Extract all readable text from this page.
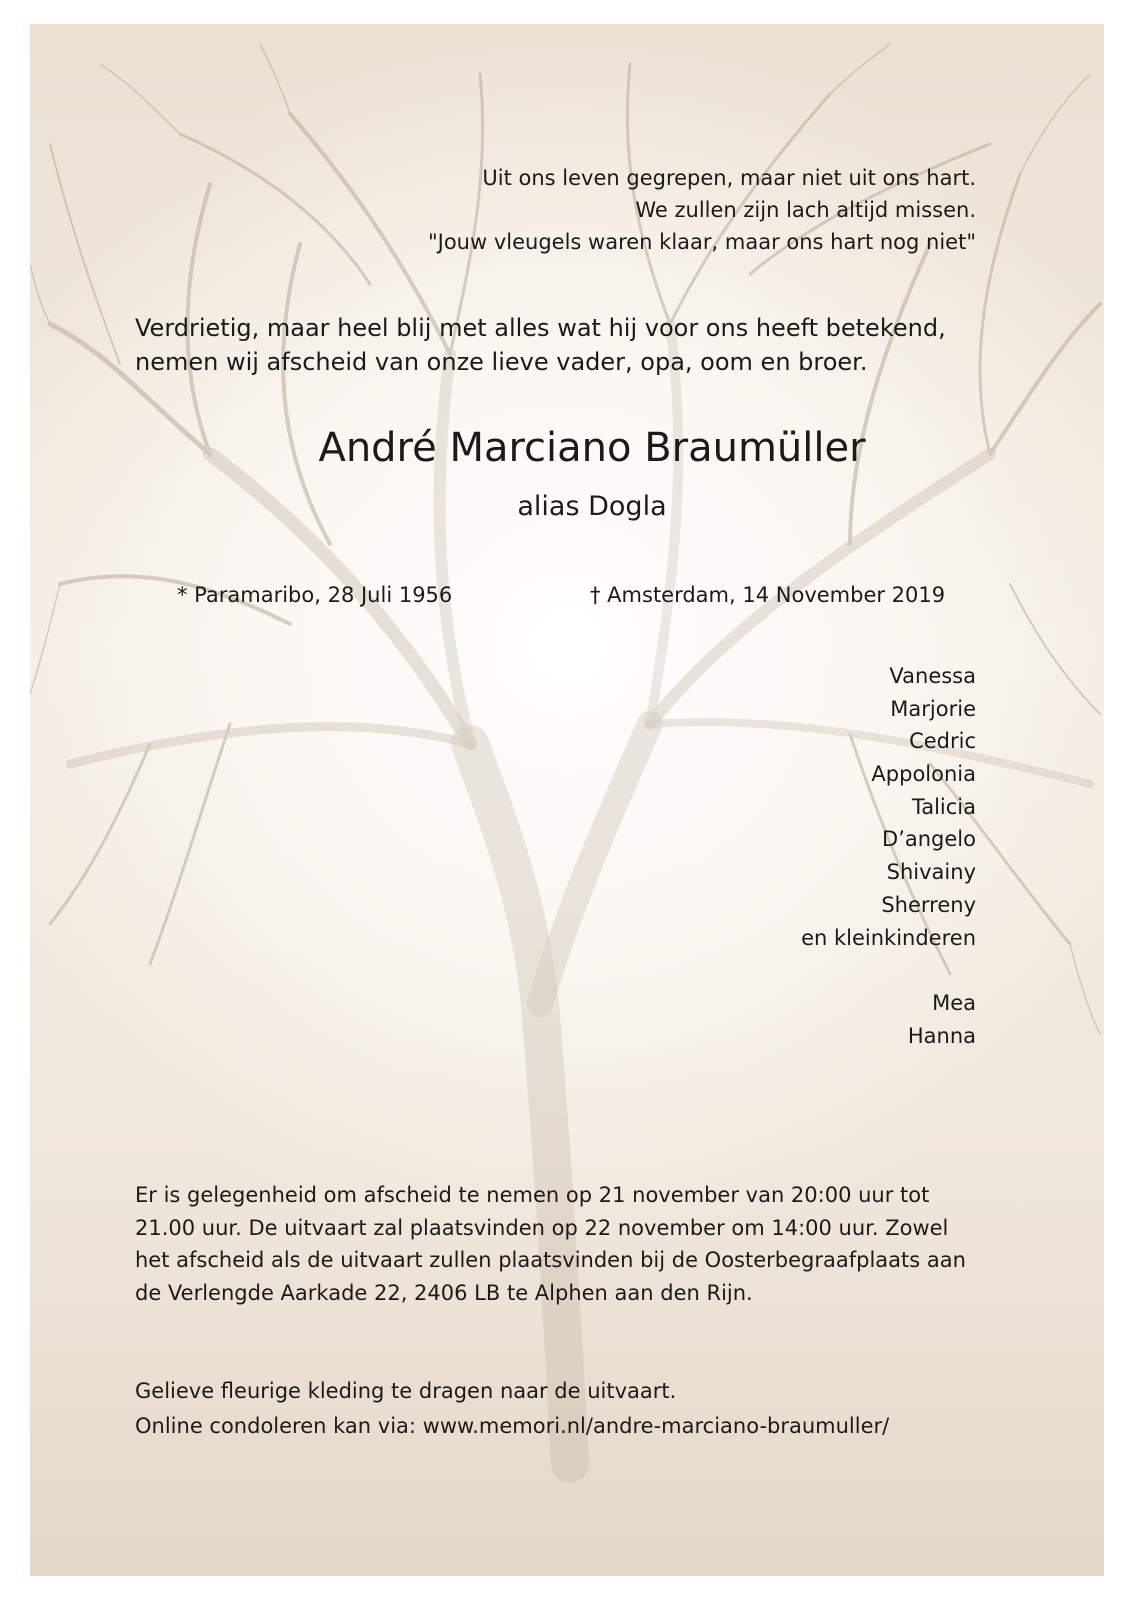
Uit ons leven gegrepen, maar niet uit ons hart.
We zullen zijn lach altijd missen.
"Jouw vleugels waren klaar, maar ons hart nog niet"
Verdrietig, maar heel blij met alles wat hij voor ons heeft betekend,
nemen wij afscheid van onze lieve vader, opa, oom en broer.
André Marciano Braumüller
alias Dogla
* Paramaribo, 28 Juli 1956	† Amsterdam, 14 November 2019
Vanessa
Marjorie
Cedric
Appolonia
Talicia
D’angelo
Shivainy
Sherreny
en kleinkinderen
Mea
Hanna
Er is gelegenheid om afscheid te nemen op 21 november van 20:00 uur tot
21.00 uur. De uitvaart zal plaatsvinden op 22 november om 14:00 uur. Zowel
het afscheid als de uitvaart zullen plaatsvinden bij de Oosterbegraafplaats aan
de Verlengde Aarkade 22, 2406 LB te Alphen aan den Rijn.
Gelieve fleurige kleding te dragen naar de uitvaart.
Online condoleren kan via: www.memori.nl/andre-marciano-braumuller/
